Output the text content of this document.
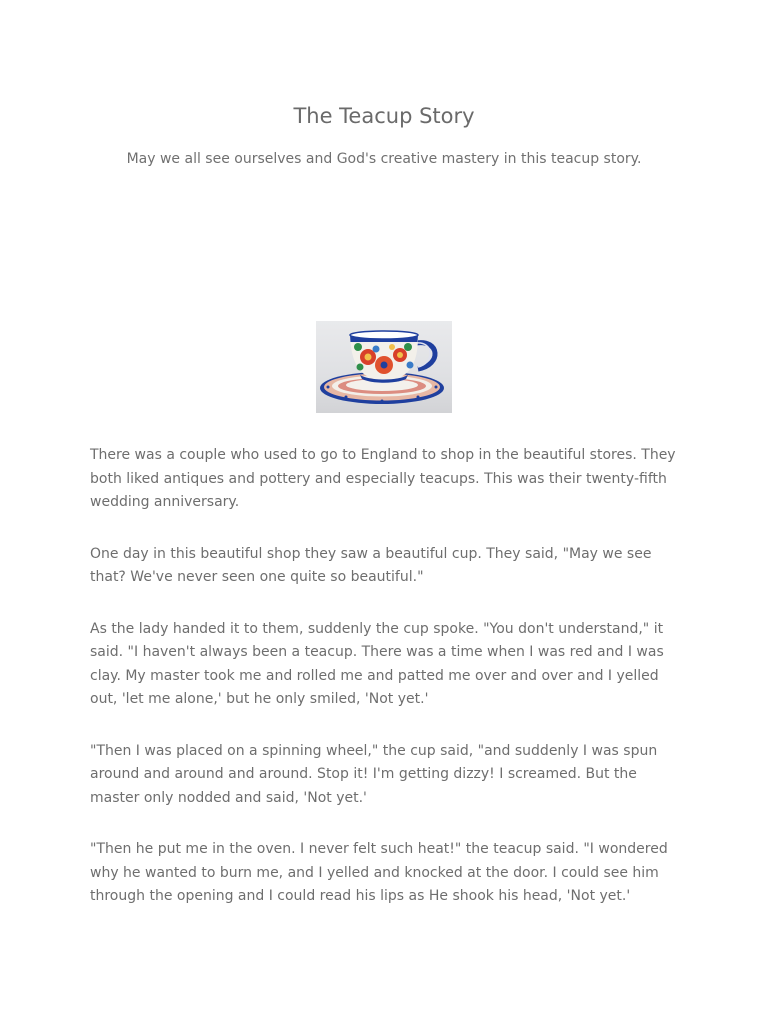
The Teacup Story

May we all see ourselves and God's creative mastery in this teacup story.

There was a couple who used to go to England to shop in the beautiful stores. They both liked antiques and pottery and especially teacups. This was their twenty-fifth wedding anniversary.

One day in this beautiful shop they saw a beautiful cup. They said, "May we see that? We've never seen one quite so beautiful."

As the lady handed it to them, suddenly the cup spoke. "You don't understand," it said. "I haven't always been a teacup. There was a time when I was red and I was clay. My master took me and rolled me and patted me over and over and I yelled out, 'let me alone,' but he only smiled, 'Not yet.'

"Then I was placed on a spinning wheel," the cup said, "and suddenly I was spun around and around and around. Stop it! I'm getting dizzy! I screamed. But the master only nodded and said, 'Not yet.'

"Then he put me in the oven. I never felt such heat!" the teacup said. "I wondered why he wanted to burn me, and I yelled and knocked at the door. I could see him through the opening and I could read his lips as He shook his head, 'Not yet.'
